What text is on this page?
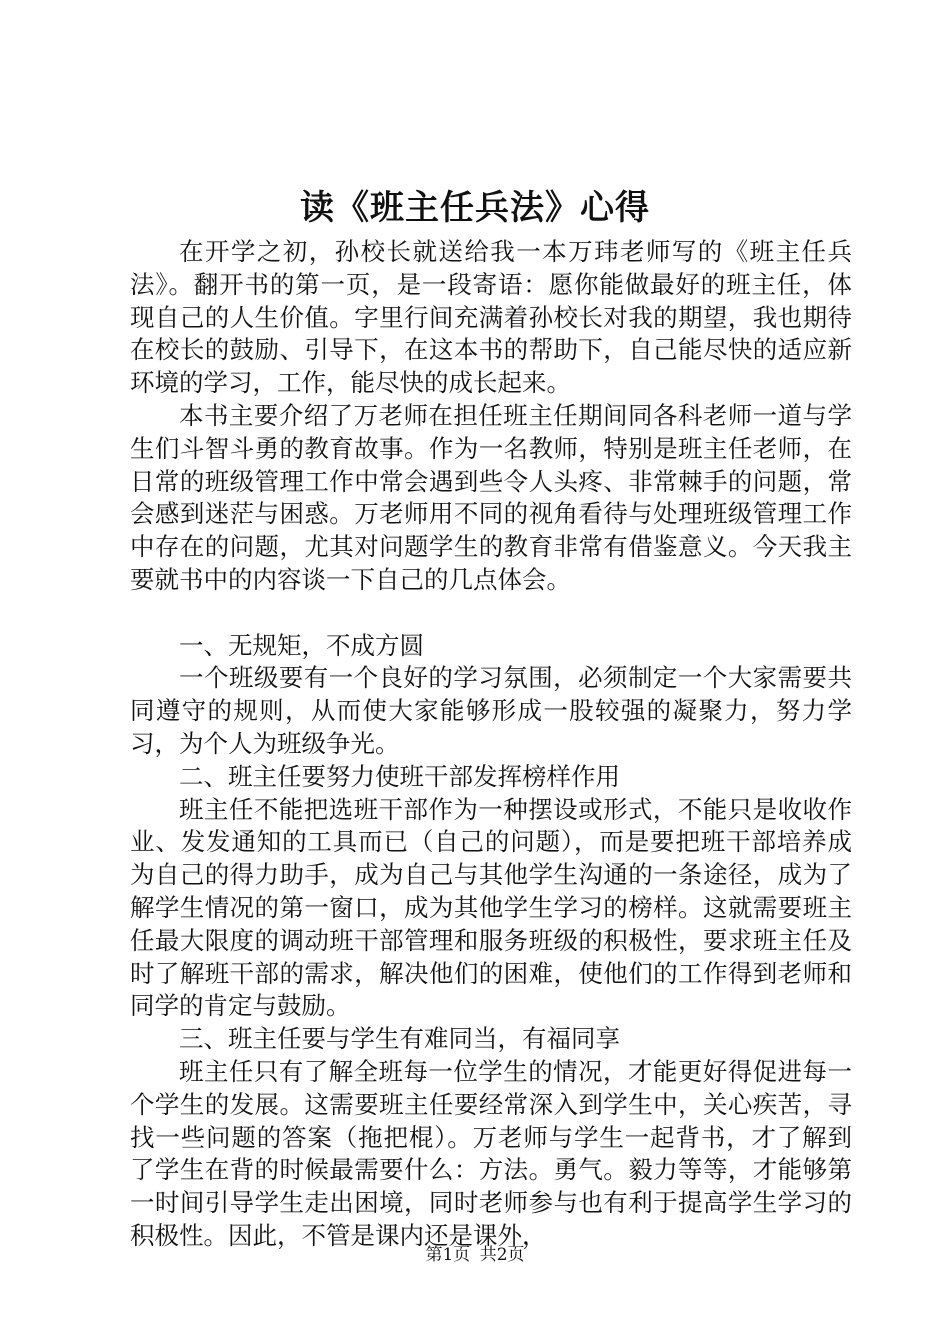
读《班主任兵法》心得

在开学之初，孙校长就送给我一本万玮老师写的《班主任兵法》。翻开书的第一页，是一段寄语：愿你能做最好的班主任，体现自己的人生价值。字里行间充满着孙校长对我的期望，我也期待在校长的鼓励、引导下，在这本书的帮助下，自己能尽快的适应新环境的学习，工作，能尽快的成长起来。

本书主要介绍了万老师在担任班主任期间同各科老师一道与学生们斗智斗勇的教育故事。作为一名教师，特别是班主任老师，在日常的班级管理工作中常会遇到些令人头疼、非常棘手的问题，常会感到迷茫与困惑。万老师用不同的视角看待与处理班级管理工作中存在的问题，尤其对问题学生的教育非常有借鉴意义。今天我主要就书中的内容谈一下自己的几点体会。

一、无规矩，不成方圆

一个班级要有一个良好的学习氛围，必须制定一个大家需要共同遵守的规则，从而使大家能够形成一股较强的凝聚力，努力学习，为个人为班级争光。

二、班主任要努力使班干部发挥榜样作用

班主任不能把选班干部作为一种摆设或形式，不能只是收收作业、发发通知的工具而已（自己的问题），而是要把班干部培养成为自己的得力助手，成为自己与其他学生沟通的一条途径，成为了解学生情况的第一窗口，成为其他学生学习的榜样。这就需要班主任最大限度的调动班干部管理和服务班级的积极性，要求班主任及时了解班干部的需求，解决他们的困难，使他们的工作得到老师和同学的肯定与鼓励。

三、班主任要与学生有难同当，有福同享

班主任只有了解全班每一位学生的情况，才能更好得促进每一个学生的发展。这需要班主任要经常深入到学生中，关心疾苦，寻找一些问题的答案（拖把棍）。万老师与学生一起背书，才了解到了学生在背的时候最需要什么：方法。勇气。毅力等等，才能够第一时间引导学生走出困境，同时老师参与也有利于提高学生学习的积极性。因此，不管是课内还是课外，

第1页 共2页
